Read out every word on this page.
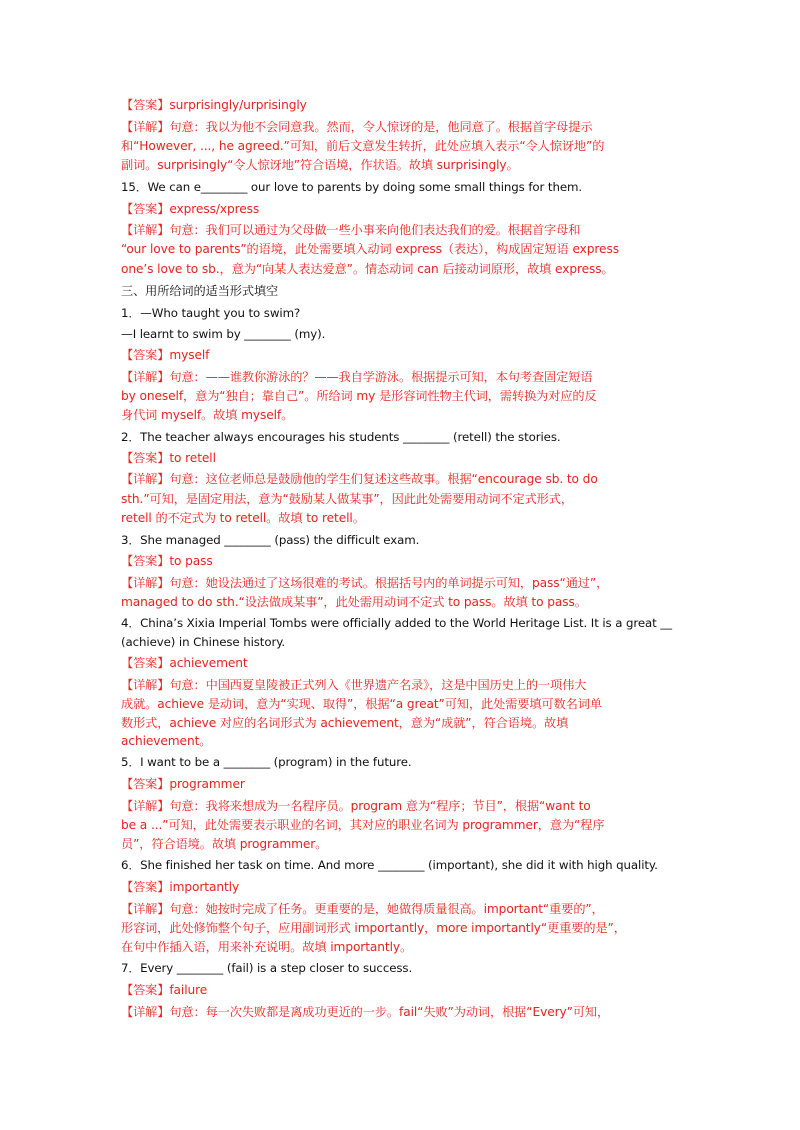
【答案】surprisingly/urprisingly
【详解】句意：我以为他不会同意我。然而，令人惊讶的是，他同意了。根据首字母提示
和“However, ..., he agreed.”可知，前后文意发生转折，此处应填入表示“令人惊讶地”的
副词。surprisingly“令人惊讶地”符合语境，作状语。故填 surprisingly。
15．We can e________ our love to parents by doing some small things for them.
【答案】express/xpress
【详解】句意：我们可以通过为父母做一些小事来向他们表达我们的爱。根据首字母和
“our love to parents”的语境，此处需要填入动词 express（表达），构成固定短语 express
one’s love to sb.，意为“向某人表达爱意”。情态动词 can 后接动词原形，故填 express。
三、用所给词的适当形式填空
1．—Who taught you to swim?
—I learnt to swim by ________ (my).
【答案】myself
【详解】句意：——谁教你游泳的？——我自学游泳。根据提示可知，本句考查固定短语
by oneself，意为“独自；靠自己”。所给词 my 是形容词性物主代词，需转换为对应的反
身代词 myself。故填 myself。
2．The teacher always encourages his students ________ (retell) the stories.
【答案】to retell
【详解】句意：这位老师总是鼓励他的学生们复述这些故事。根据“encourage sb. to do
sth.”可知，是固定用法，意为“鼓励某人做某事”，因此此处需要用动词不定式形式，
retell 的不定式为 to retell。故填 to retell。
3．She managed ________ (pass) the difficult exam.
【答案】to pass
【详解】句意：她设法通过了这场很难的考试。根据括号内的单词提示可知，pass“通过”，
managed to do sth.“设法做成某事”，此处需用动词不定式 to pass。故填 to pass。
4．China’s Xixia Imperial Tombs were officially added to the World Heritage List. It is a great __
(achieve) in Chinese history.
【答案】achievement
【详解】句意：中国西夏皇陵被正式列入《世界遗产名录》，这是中国历史上的一项伟大
成就。achieve 是动词，意为“实现、取得”，根据“a great”可知，此处需要填可数名词单
数形式，achieve 对应的名词形式为 achievement，意为“成就”，符合语境。故填
achievement。
5．I want to be a ________ (program) in the future.
【答案】programmer
【详解】句意：我将来想成为一名程序员。program 意为“程序；节目”，根据“want to
be a ...”可知，此处需要表示职业的名词，其对应的职业名词为 programmer，意为“程序
员”，符合语境。故填 programmer。
6．She finished her task on time. And more ________ (important), she did it with high quality.
【答案】importantly
【详解】句意：她按时完成了任务。更重要的是，她做得质量很高。important“重要的”，
形容词，此处修饰整个句子，应用副词形式 importantly，more importantly“更重要的是”，
在句中作插入语，用来补充说明。故填 importantly。
7．Every ________ (fail) is a step closer to success.
【答案】failure
【详解】句意：每一次失败都是离成功更近的一步。fail“失败”为动词，根据“Every”可知，
